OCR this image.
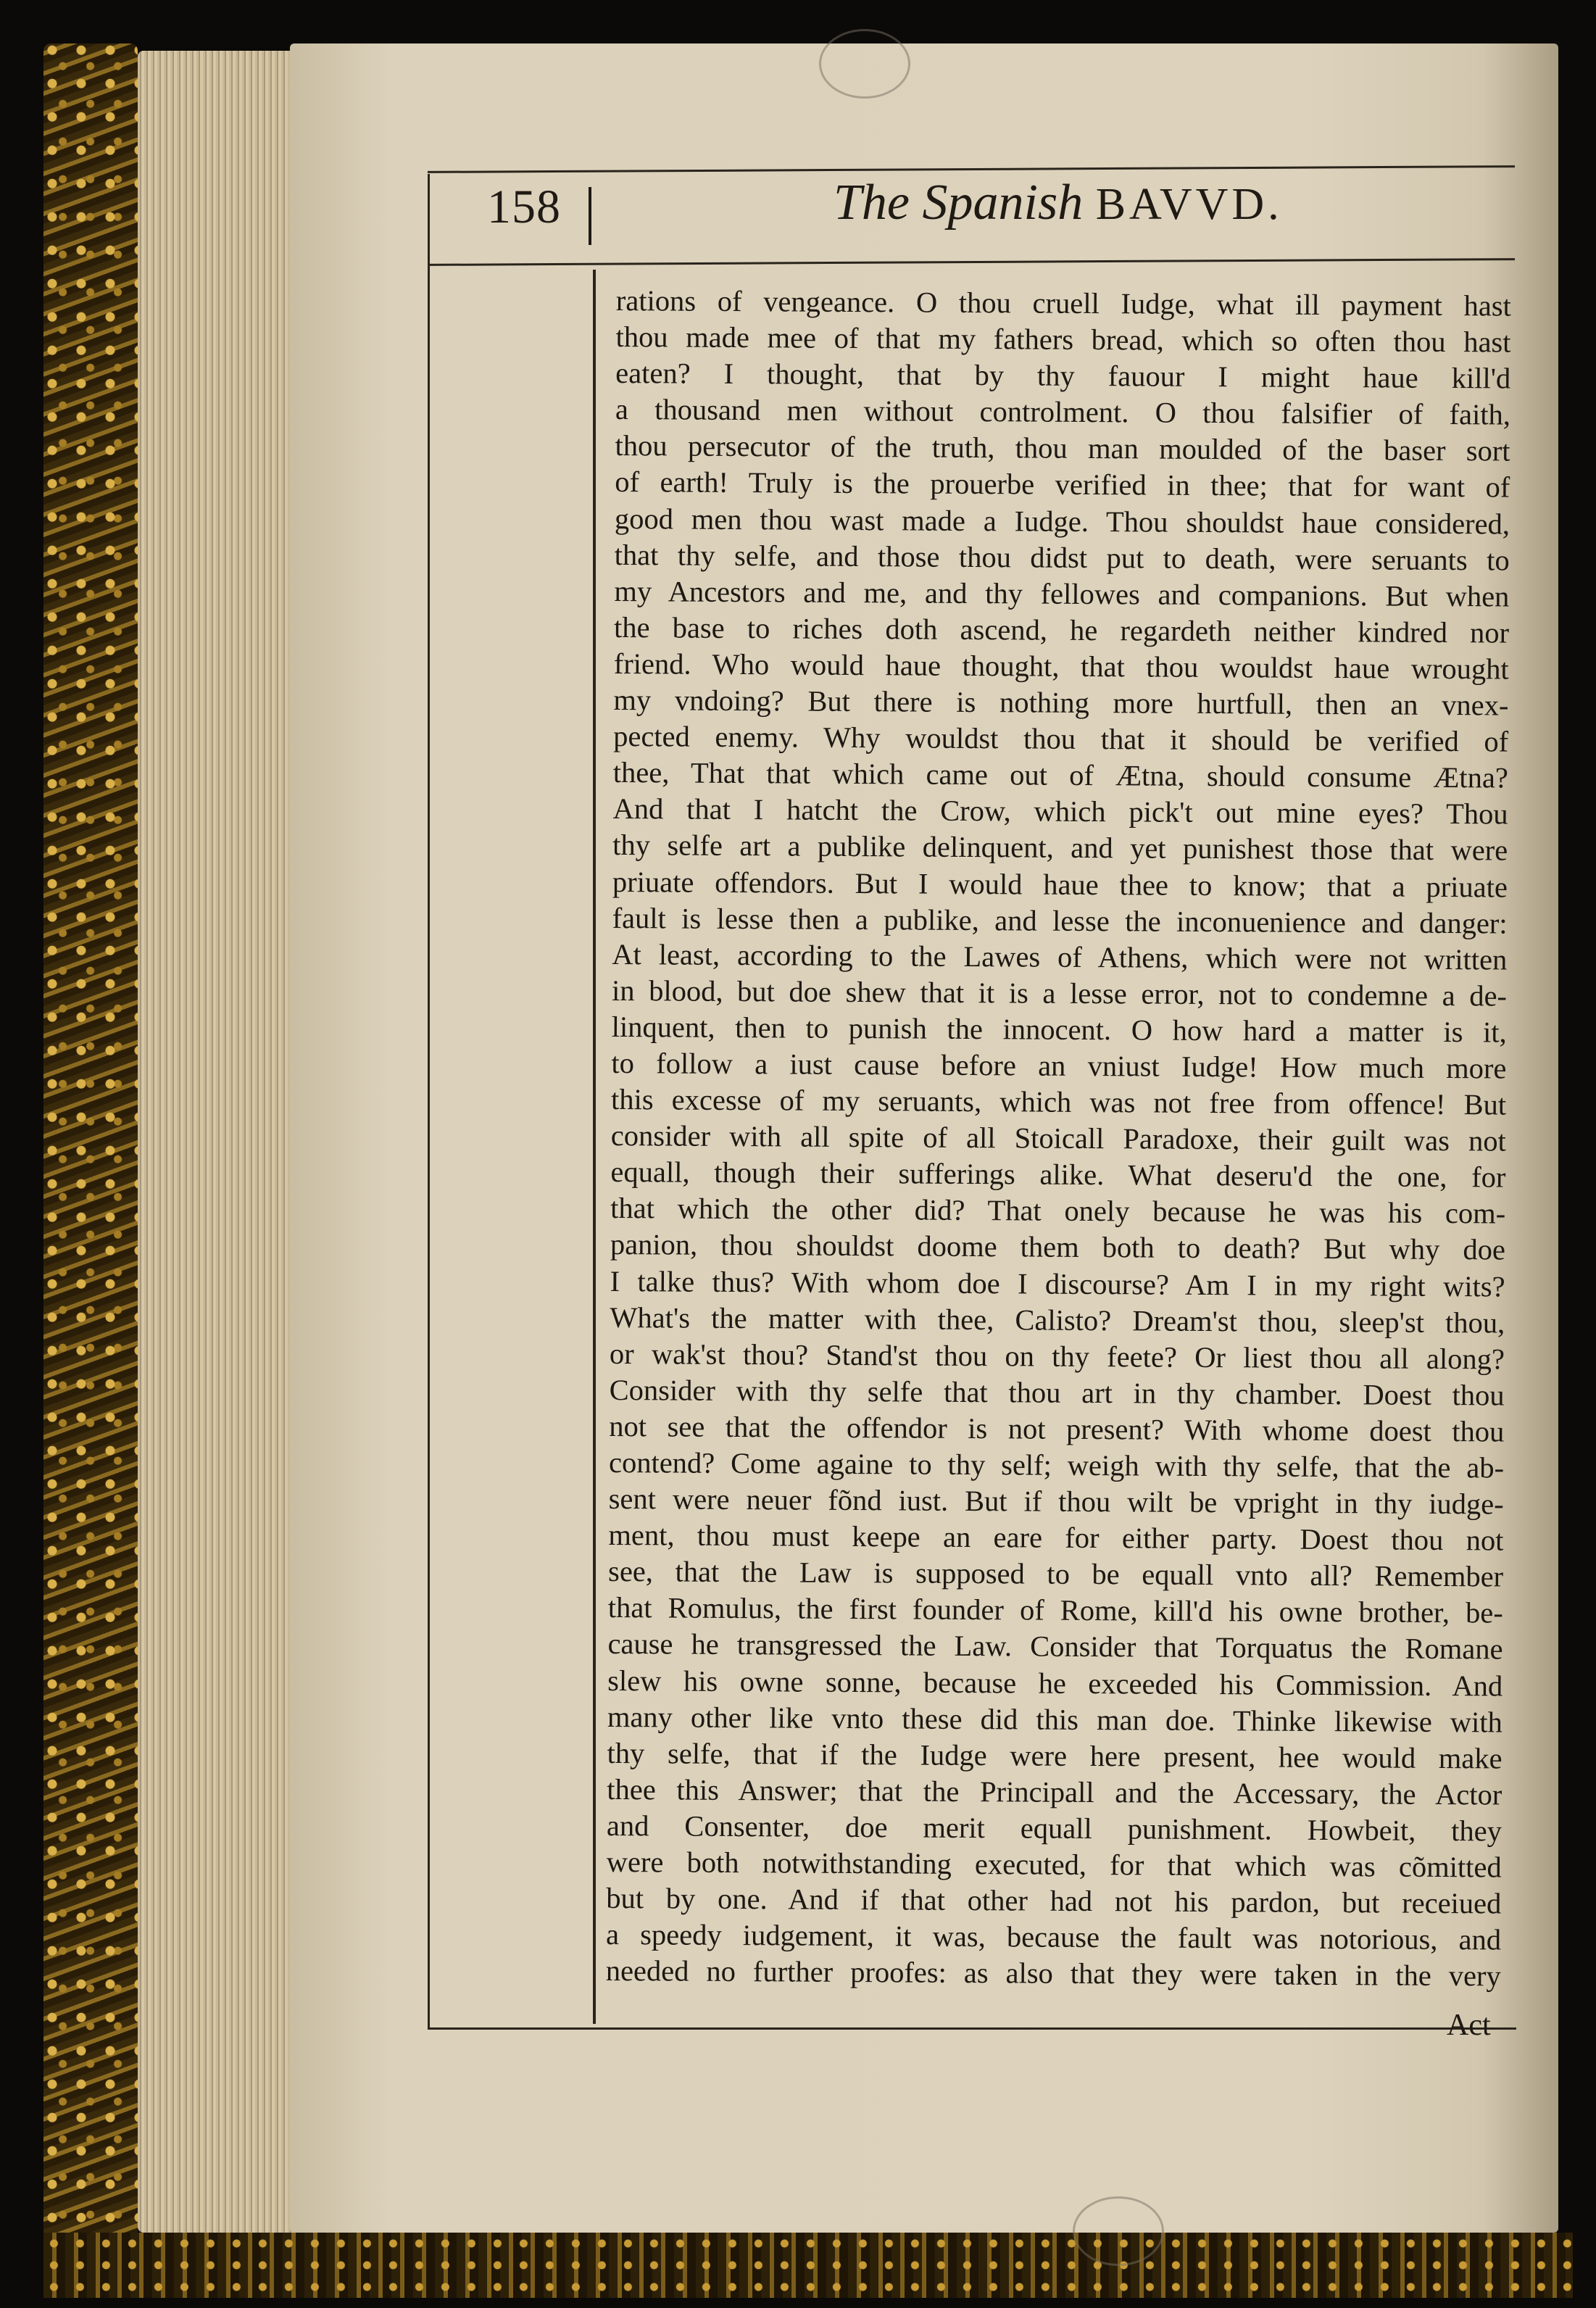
158	The Spanish BAVVD.
rations of vengeance. O thou cruell Iudge, what ill payment hast
thou made mee of that my fathers bread, which so often thou hast
eaten? I thought, that by thy fauour I might haue kill'd
a thousand men without controlment. O thou falsifier of faith,
thou persecutor of the truth, thou man moulded of the baser sort
of earth! Truly is the prouerbe verified in thee; that for want of
good men thou wast made a Iudge. Thou shouldst haue considered,
that thy selfe, and those thou didst put to death, were seruants to
my Ancestors and me, and thy fellowes and companions. But when
the base to riches doth ascend, he regardeth neither kindred nor
friend. Who would haue thought, that thou wouldst haue wrought
my vndoing? But there is nothing more hurtfull, then an vnex-
pected enemy. Why wouldst thou that it should be verified of
thee, That that which came out of Ætna, should consume Ætna?
And that I hatcht the Crow, which pick't out mine eyes? Thou
thy selfe art a publike delinquent, and yet punishest those that were
priuate offendors. But I would haue thee to know; that a priuate
fault is lesse then a publike, and lesse the inconuenience and danger:
At least, according to the Lawes of Athens, which were not written
in blood, but doe shew that it is a lesse error, not to condemne a de-
linquent, then to punish the innocent. O how hard a matter is it,
to follow a iust cause before an vniust Iudge! How much more
this excesse of my seruants, which was not free from offence! But
consider with all spite of all Stoicall Paradoxe, their guilt was not
equall, though their sufferings alike. What deseru'd the one, for
that which the other did? That onely because he was his com-
panion, thou shouldst doome them both to death? But why doe
I talke thus? With whom doe I discourse? Am I in my right wits?
What's the matter with thee, Calisto? Dream'st thou, sleep'st thou,
or wak'st thou? Stand'st thou on thy feete? Or liest thou all along?
Consider with thy selfe that thou art in thy chamber. Doest thou
not see that the offendor is not present? With whome doest thou
contend? Come againe to thy self; weigh with thy selfe, that the ab-
sent were neuer fõnd iust. But if thou wilt be vpright in thy iudge-
ment, thou must keepe an eare for either party. Doest thou not
see, that the Law is supposed to be equall vnto all? Remember
that Romulus, the first founder of Rome, kill'd his owne brother, be-
cause he transgressed the Law. Consider that Torquatus the Romane
slew his owne sonne, because he exceeded his Commission. And
many other like vnto these did this man doe. Thinke likewise with
thy selfe, that if the Iudge were here present, hee would make
thee this Answer; that the Principall and the Accessary, the Actor
and Consenter, doe merit equall punishment. Howbeit, they
were both notwithstanding executed, for that which was cõmitted
but by one. And if that other had not his pardon, but receiued
a speedy iudgement, it was, because the fault was notorious, and
needed no further proofes: as also that they were taken in the very
Act
